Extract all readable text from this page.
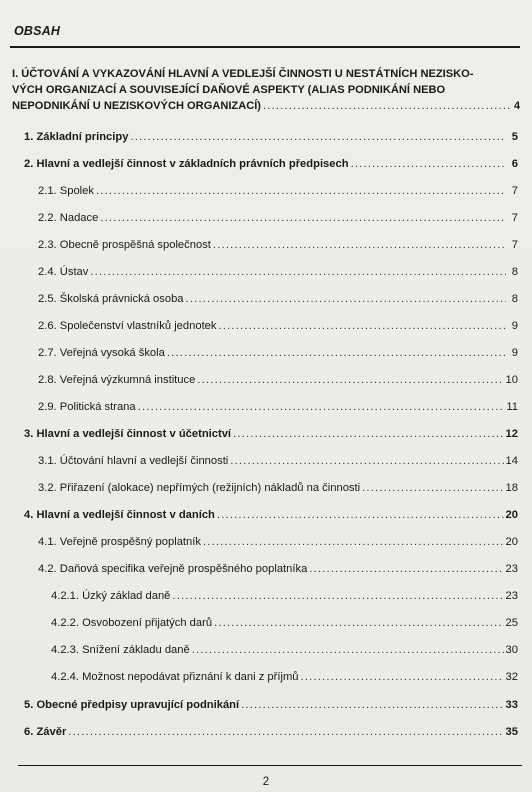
OBSAH
I. ÚČTOVÁNÍ A VYKAZOVÁNÍ HLAVNÍ A VEDLEJŠÍ ČINNOSTI U NESTÁTNÍCH NEZISKO-
VÝCH ORGANIZACÍ A SOUVISEJÍCÍ DAŇOVÉ ASPEKTY (ALIAS PODNIKÁNÍ NEBO
NEPODNIKÁNÍ U NEZISKOVÝCH ORGANIZACÍ) .....	4
1. Základní principy .....	5
2. Hlavní a vedlejší činnost v základních právních předpisech .....	6
2.1. Spolek .....	7
2.2. Nadace .....	7
2.3. Obecně prospěšná společnost .....	7
2.4. Ústav .....	8
2.5. Školská právnická osoba .....	8
2.6. Společenství vlastníků jednotek .....	9
2.7. Veřejná vysoká škola .....	9
2.8. Veřejná výzkumná instituce .....	10
2.9. Politická strana .....	11
3. Hlavní a vedlejší činnost v účetnictví .....	12
3.1. Účtování hlavní a vedlejší činnosti .....	14
3.2. Přiřazení (alokace) nepřímých (režijních) nákladů na činnosti .....	18
4. Hlavní a vedlejší činnost v daních .....	20
4.1. Veřejně prospěšný poplatník .....	20
4.2. Daňová specifika veřejně prospěšného poplatníka .....	23
4.2.1. Úzký základ daně .....	23
4.2.2. Osvobození přijatých darů .....	25
4.2.3. Snížení základu daně .....	30
4.2.4. Možnost nepodávat přiznání k dani z příjmů .....	32
5. Obecné předpisy upravující podnikání .....	33
6. Závěr .....	35
2
